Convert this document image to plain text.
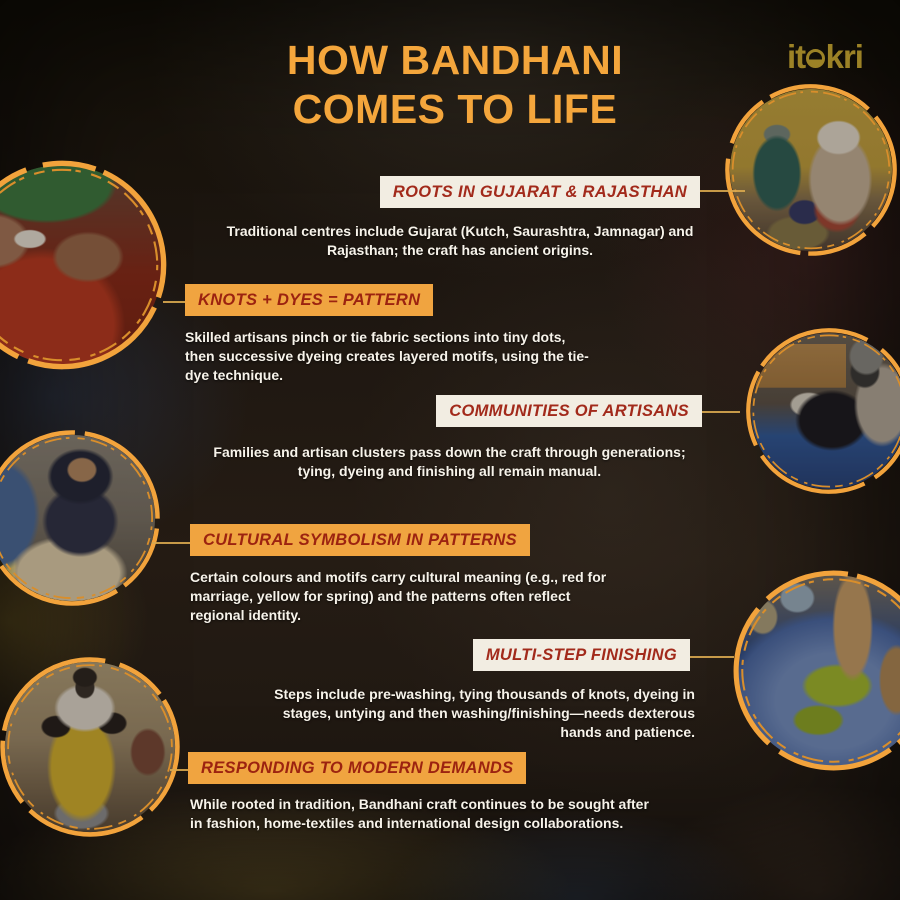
HOW BANDHANI
COMES TO LIFE
it kri
ROOTS IN GUJARAT & RAJASTHAN
Traditional centres include Gujarat (Kutch, Saurashtra, Jamnagar) and Rajasthan; the craft has ancient origins.
KNOTS + DYES = PATTERN
Skilled artisans pinch or tie fabric sections into tiny dots, then successive dyeing creates layered motifs, using the tie-dye technique.
COMMUNITIES OF ARTISANS
Families and artisan clusters pass down the craft through generations; tying, dyeing and finishing all remain manual.
CULTURAL SYMBOLISM IN PATTERNS
Certain colours and motifs carry cultural meaning (e.g., red for marriage, yellow for spring) and the patterns often reflect regional identity.
MULTI-STEP FINISHING
Steps include pre-washing, tying thousands of knots, dyeing in stages, untying and then washing/finishing—needs dexterous hands and patience.
RESPONDING TO MODERN DEMANDS
While rooted in tradition, Bandhani craft continues to be sought after in fashion, home-textiles and international design collaborations.
